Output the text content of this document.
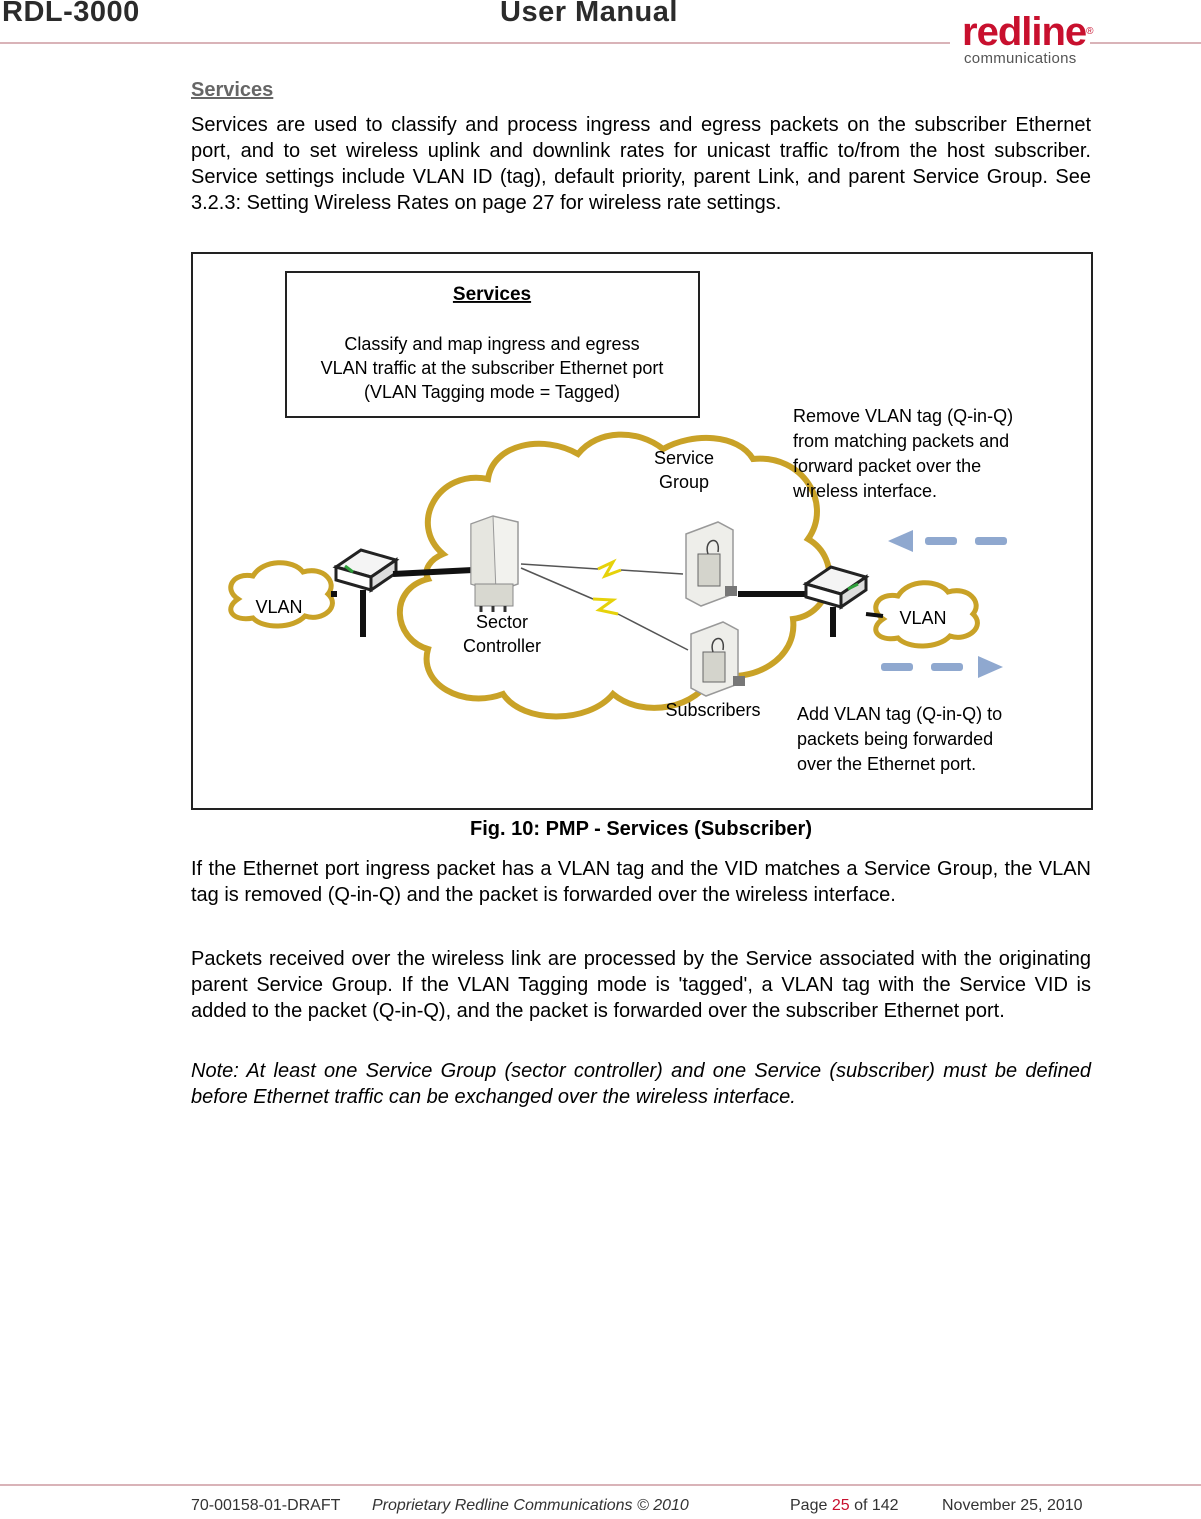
RDL-3000	User Manual	redline®
communications
Services
Services are used to classify and process ingress and egress packets on the subscriber Ethernet port, and to set wireless uplink and downlink rates for unicast traffic to/from the host subscriber. Service settings include VLAN ID (tag), default priority, parent Link, and parent Service Group. See 3.2.3: Setting Wireless Rates on page 27 for wireless rate settings.
Services
Classify and map ingress and egress
VLAN traffic at the subscriber Ethernet port
(VLAN Tagging mode = Tagged)
VLAN
VLAN
Sector
Controller
Service
Group
Subscribers
Remove VLAN tag (Q-in-Q)
from matching packets and
forward packet over the
wireless interface.
Add VLAN tag (Q-in-Q) to
packets being forwarded
over the Ethernet port.
Fig. 10: PMP - Services (Subscriber)
If the Ethernet port ingress packet has a VLAN tag and the VID matches a Service Group, the VLAN tag is removed (Q-in-Q) and the packet is forwarded over the wireless interface.
Packets received over the wireless link are processed by the Service associated with the originating parent Service Group. If the VLAN Tagging mode is 'tagged', a VLAN tag with the Service VID is added to the packet (Q-in-Q), and the packet is forwarded over the subscriber Ethernet port.
Note: At least one Service Group (sector controller) and one Service (subscriber) must be defined before Ethernet traffic can be exchanged over the wireless interface.
70-00158-01-DRAFT Proprietary Redline Communications © 2010	Page 25 of 142	November 25, 2010
